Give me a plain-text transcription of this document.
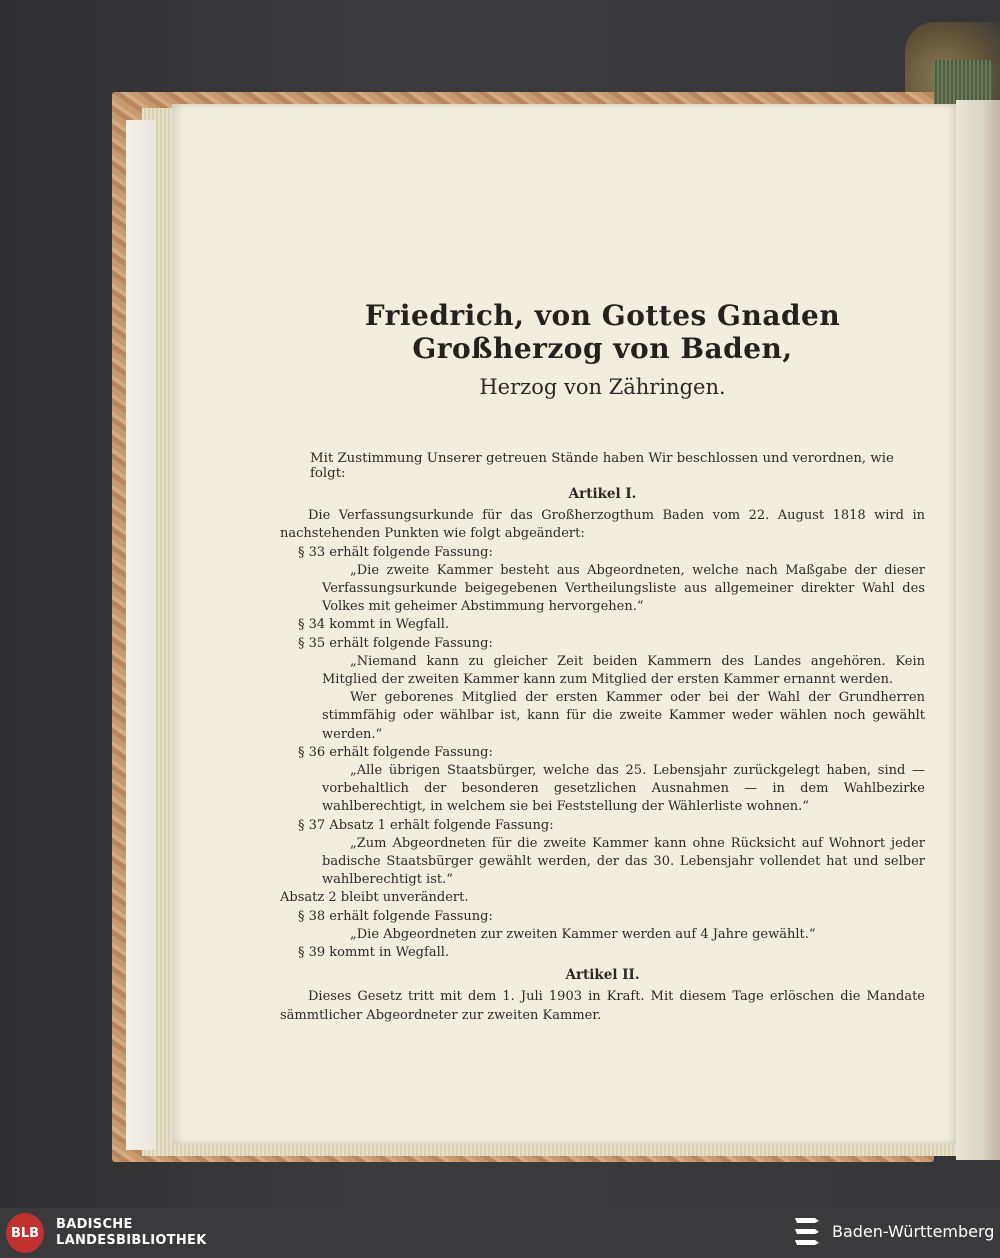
Friedrich, von Gottes Gnaden Großherzog von Baden,

Herzog von Zähringen.

Mit Zustimmung Unserer getreuen Stände haben Wir beschlossen und verordnen, wie folgt:

Artikel I.

Die Verfassungsurkunde für das Großherzogthum Baden vom 22. August 1818 wird in nachstehenden Punkten wie folgt abgeändert:

§ 33 erhält folgende Fassung:

„Die zweite Kammer besteht aus Abgeordneten, welche nach Maßgabe der dieser Verfassungsurkunde beigegebenen Vertheilungsliste aus allgemeiner direkter Wahl des Volkes mit geheimer Abstimmung hervorgehen.“

§ 34 kommt in Wegfall.

§ 35 erhält folgende Fassung:

„Niemand kann zu gleicher Zeit beiden Kammern des Landes angehören. Kein Mitglied der zweiten Kammer kann zum Mitglied der ersten Kammer ernannt werden.

Wer geborenes Mitglied der ersten Kammer oder bei der Wahl der Grundherren stimmfähig oder wählbar ist, kann für die zweite Kammer weder wählen noch gewählt werden.“

§ 36 erhält folgende Fassung:

„Alle übrigen Staatsbürger, welche das 25. Lebensjahr zurückgelegt haben, sind — vorbehaltlich der besonderen gesetzlichen Ausnahmen — in dem Wahlbezirke wahlberechtigt, in welchem sie bei Feststellung der Wählerliste wohnen.“

§ 37 Absatz 1 erhält folgende Fassung:

„Zum Abgeordneten für die zweite Kammer kann ohne Rücksicht auf Wohnort jeder badische Staatsbürger gewählt werden, der das 30. Lebensjahr vollendet hat und selber wahlberechtigt ist.“

Absatz 2 bleibt unverändert.

§ 38 erhält folgende Fassung:

„Die Abgeordneten zur zweiten Kammer werden auf 4 Jahre gewählt.“

§ 39 kommt in Wegfall.

Artikel II.

Dieses Gesetz tritt mit dem 1. Juli 1903 in Kraft. Mit diesem Tage erlöschen die Mandate sämmtlicher Abgeordneter zur zweiten Kammer.

BLB
BADISCHE
LANDESBIBLIOTHEK	Baden-Württemberg
